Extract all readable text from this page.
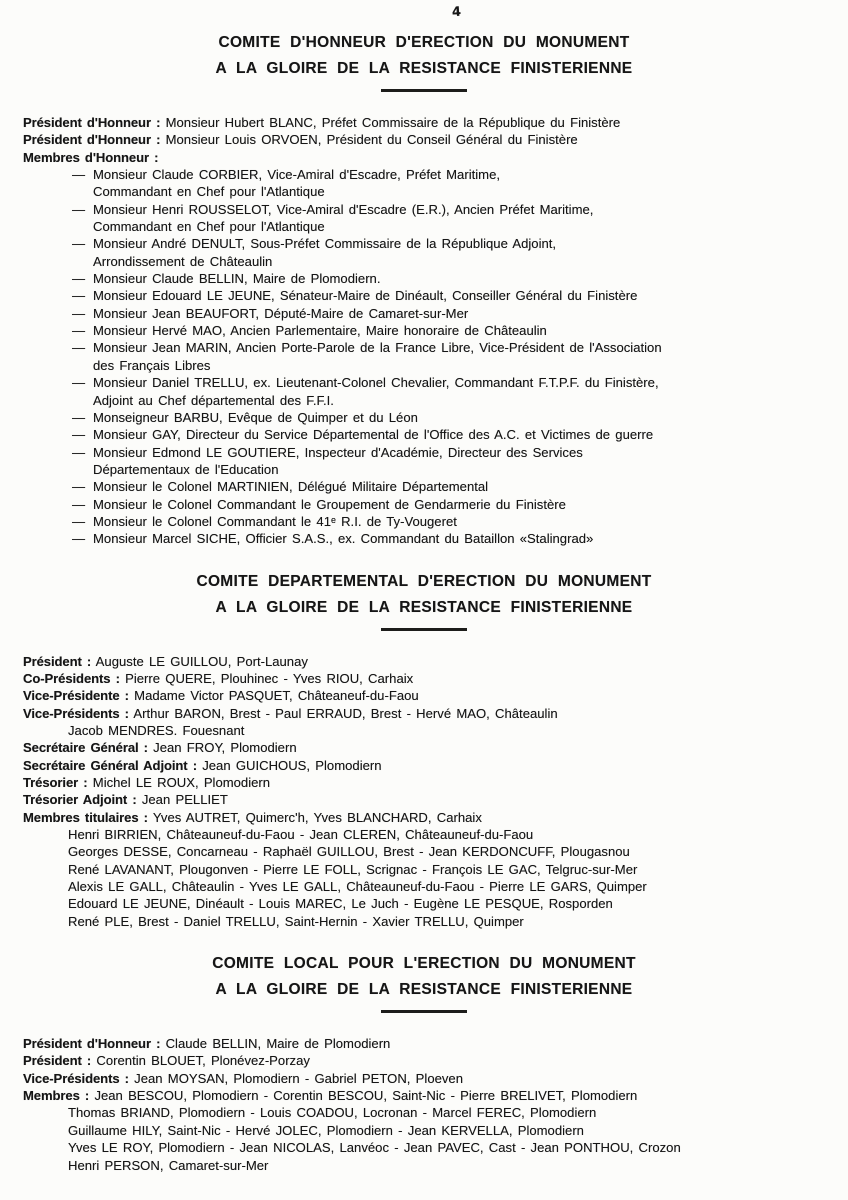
4
COMITE D'HONNEUR D'ERECTION DU MONUMENT
A LA GLOIRE DE LA RESISTANCE FINISTERIENNE
Président d'Honneur : Monsieur Hubert BLANC, Préfet Commissaire de la République du Finistère
Président d'Honneur : Monsieur Louis ORVOEN, Président du Conseil Général du Finistère
Membres d'Honneur :
— Monsieur Claude CORBIER, Vice-Amiral d'Escadre, Préfet Maritime,
Commandant en Chef pour l'Atlantique
— Monsieur Henri ROUSSELOT, Vice-Amiral d'Escadre (E.R.), Ancien Préfet Maritime,
Commandant en Chef pour l'Atlantique
— Monsieur André DENULT, Sous-Préfet Commissaire de la République Adjoint,
Arrondissement de Châteaulin
— Monsieur Claude BELLIN, Maire de Plomodiern.
— Monsieur Edouard LE JEUNE, Sénateur-Maire de Dinéault, Conseiller Général du Finistère
— Monsieur Jean BEAUFORT, Député-Maire de Camaret-sur-Mer
— Monsieur Hervé MAO, Ancien Parlementaire, Maire honoraire de Châteaulin
— Monsieur Jean MARIN, Ancien Porte-Parole de la France Libre, Vice-Président de l'Association
des Français Libres
— Monsieur Daniel TRELLU, ex. Lieutenant-Colonel Chevalier, Commandant F.T.P.F. du Finistère,
Adjoint au Chef départemental des F.F.I.
— Monseigneur BARBU, Evêque de Quimper et du Léon
— Monsieur GAY, Directeur du Service Départemental de l'Office des A.C. et Victimes de guerre
— Monsieur Edmond LE GOUTIERE, Inspecteur d'Académie, Directeur des Services
Départementaux de l'Education
— Monsieur le Colonel MARTINIEN, Délégué Militaire Départemental
— Monsieur le Colonel Commandant le Groupement de Gendarmerie du Finistère
— Monsieur le Colonel Commandant le 41ᵉ R.I. de Ty-Vougeret
— Monsieur Marcel SICHE, Officier S.A.S., ex. Commandant du Bataillon «Stalingrad»
COMITE DEPARTEMENTAL D'ERECTION DU MONUMENT
A LA GLOIRE DE LA RESISTANCE FINISTERIENNE
Président : Auguste LE GUILLOU, Port-Launay
Co-Présidents : Pierre QUERE, Plouhinec - Yves RIOU, Carhaix
Vice-Présidente : Madame Victor PASQUET, Châteaneuf-du-Faou
Vice-Présidents : Arthur BARON, Brest - Paul ERRAUD, Brest - Hervé MAO, Châteaulin
Jacob MENDRES. Fouesnant
Secrétaire Général : Jean FROY, Plomodiern
Secrétaire Général Adjoint : Jean GUICHOUS, Plomodiern
Trésorier : Michel LE ROUX, Plomodiern
Trésorier Adjoint : Jean PELLIET
Membres titulaires : Yves AUTRET, Quimerc'h, Yves BLANCHARD, Carhaix
Henri BIRRIEN, Châteauneuf-du-Faou - Jean CLEREN, Châteauneuf-du-Faou
Georges DESSE, Concarneau - Raphaël GUILLOU, Brest - Jean KERDONCUFF, Plougasnou
René LAVANANT, Plougonven - Pierre LE FOLL, Scrignac - François LE GAC, Telgruc-sur-Mer
Alexis LE GALL, Châteaulin - Yves LE GALL, Châteauneuf-du-Faou - Pierre LE GARS, Quimper
Edouard LE JEUNE, Dinéault - Louis MAREC, Le Juch - Eugène LE PESQUE, Rosporden
René PLE, Brest - Daniel TRELLU, Saint-Hernin - Xavier TRELLU, Quimper
COMITE LOCAL POUR L'ERECTION DU MONUMENT
A LA GLOIRE DE LA RESISTANCE FINISTERIENNE
Président d'Honneur : Claude BELLIN, Maire de Plomodiern
Président : Corentin BLOUET, Plonévez-Porzay
Vice-Présidents : Jean MOYSAN, Plomodiern - Gabriel PETON, Ploeven
Membres : Jean BESCOU, Plomodiern - Corentin BESCOU, Saint-Nic - Pierre BRELIVET, Plomodiern
Thomas BRIAND, Plomodiern - Louis COADOU, Locronan - Marcel FEREC, Plomodiern
Guillaume HILY, Saint-Nic - Hervé JOLEC, Plomodiern - Jean KERVELLA, Plomodiern
Yves LE ROY, Plomodiern - Jean NICOLAS, Lanvéoc - Jean PAVEC, Cast - Jean PONTHOU, Crozon
Henri PERSON, Camaret-sur-Mer
